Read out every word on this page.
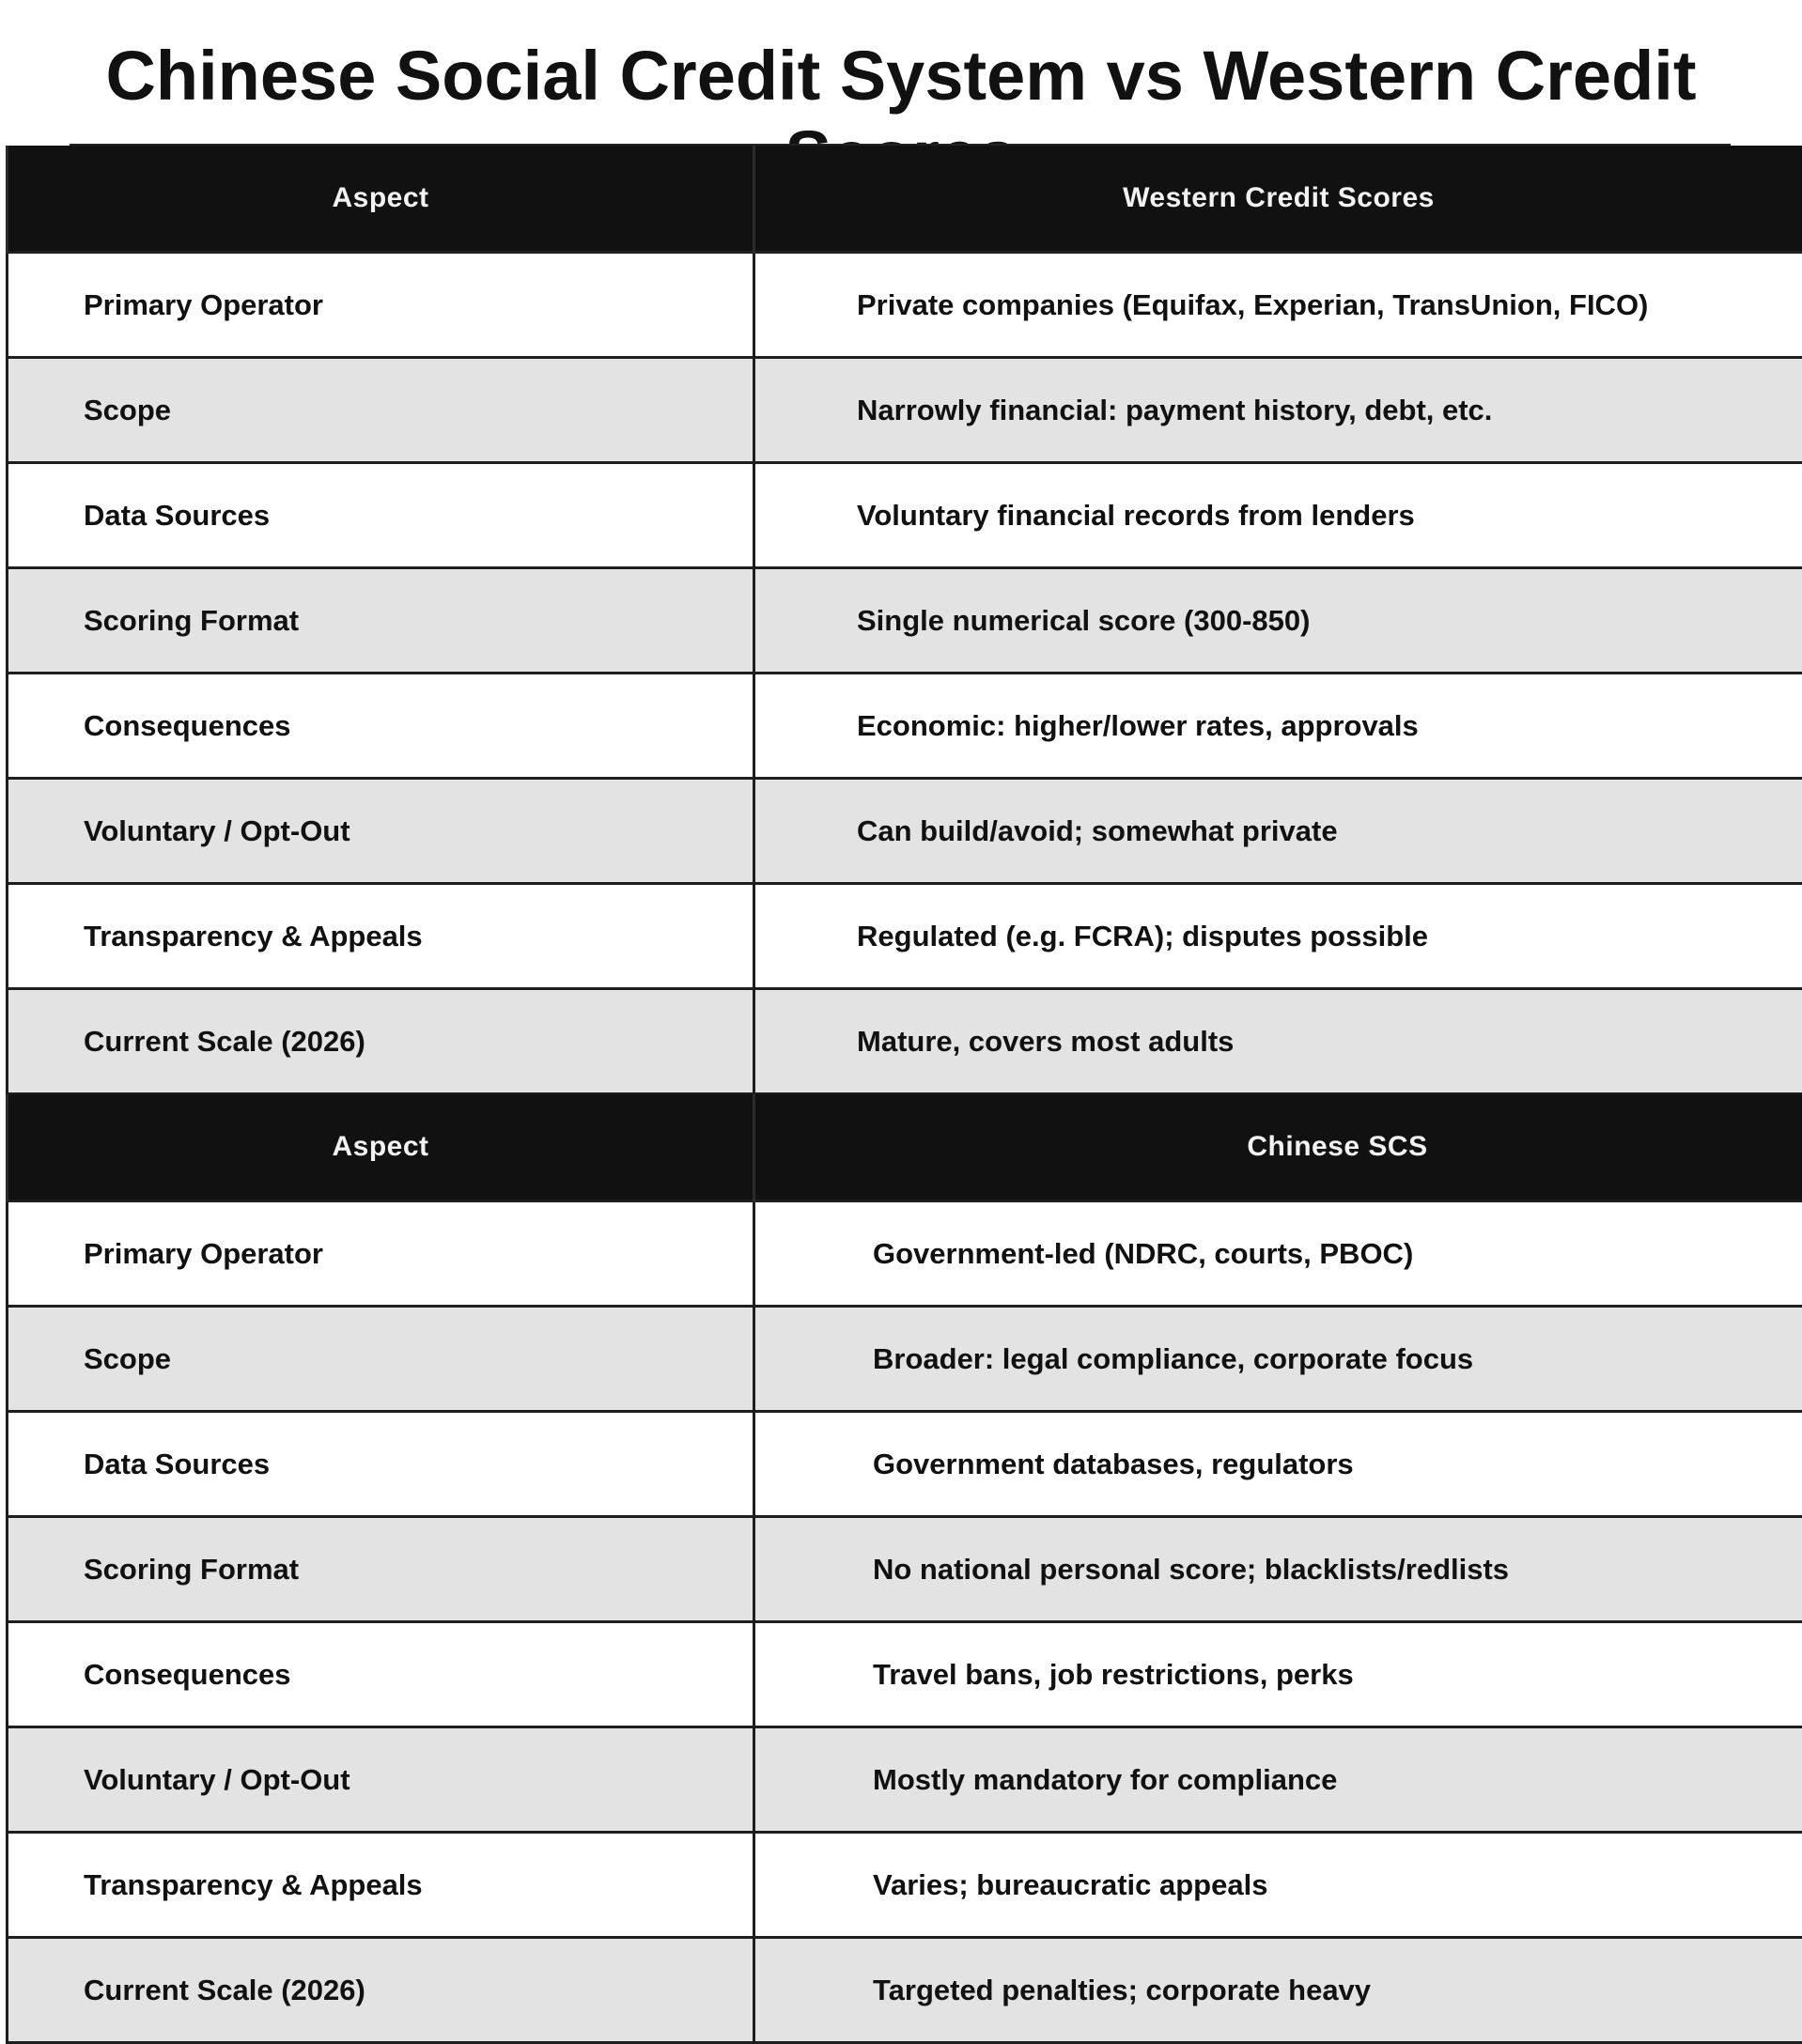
Chinese Social Credit System vs Western Credit
Aspect	Western Credit Scores
Primary Operator	Private companies (Equifax, Experian, TransUnion, FICO)
Scope	Narrowly financial: payment history, debt, etc.
Data Sources	Voluntary financial records from lenders
Scoring Format	Single numerical score (300-850)
Consequences	Economic: higher/lower rates, approvals
Voluntary / Opt-Out	Can build/avoid; somewhat private
Transparency & Appeals	Regulated (e.g. FCRA); disputes possible
Current Scale (2026)	Mature, covers most adults
Aspect	Chinese SCS
Primary Operator	Government-led (NDRC, courts, PBOC)
Scope	Broader: legal compliance, corporate focus
Data Sources	Government databases, regulators
Scoring Format	No national personal score; blacklists/redlists
Consequences	Travel bans, job restrictions, perks
Voluntary / Opt-Out	Mostly mandatory for compliance
Transparency & Appeals	Varies; bureaucratic appeals
Current Scale (2026)	Targeted penalties; corporate heavy
